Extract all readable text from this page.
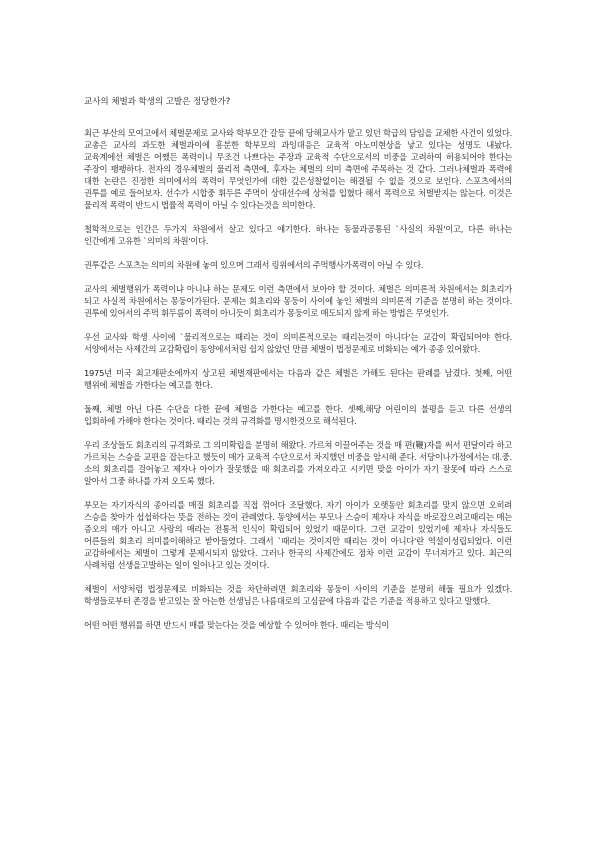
교사의 체벌과 학생의 고발은 정당한가?

최근 부산의 모여고에서 체벌문제로 교사와 학부모간 갈등 끝에 당해교사가 맡고 있던 학급의 담임을 교체한 사건이 있었다. 교총은 교사의 과도한 체벌과이에 흥분한 학부모의 과잉대응은 교육적 아노미현상을 낳고 있다는 성명도 내놨다. 교육계에선 체벌은 어쨌든 폭력이니 무조건 나쁘다는 주장과 교육적 수단으로서의 비중을 고려하여 허용되어야 한다는 주장이 팽팽하다. 전자의 경우체벌의 물리적 측면에, 후자는 체벌의 의미 측면에 주목하는 것 같다. 그러나체벌과 폭력에 대한 논란은 진정한 의미에서의 폭력이 무엇인가에 대한 깊은성찰없이는 해결될 수 없을 것으로 보인다. 스포츠에서의 권투를 예로 들어보자. 선수가 시합중 휘두른 주먹이 상대선수에 상처를 입혔다 해서 폭력으로 처벌받지는 않는다. 이것은 물리적 폭력이 반드시 법률적 폭력이 아닐 수 있다는것을 의미한다.

철학적으로는 인간은 두가지 차원에서 살고 있다고 얘기한다. 하나는 동물과공통된 `사실의 차원'이고, 다른 하나는 인간에게 고유한 `의미의 차원'이다.

권투같은 스포츠는 의미의 차원에 놓여 있으며 그래서 링위에서의 주먹행사가폭력이 아닐 수 있다.

교사의 체벌행위가 폭력이냐 아니냐 하는 문제도 이런 측면에서 보아야 할 것이다. 체벌은 의미론적 차원에서는 회초리가 되고 사실적 차원에서는 몽둥이가된다. 문제는 회초리와 몽둥이 사이에 놓인 체벌의 의미론적 기준을 분명히 하는 것이다. 권투에 있어서의 주먹 휘두름이 폭력이 아니듯이 회초리가 몽둥이로 매도되지 않게 하는 방법은 무엇인가.

우선 교사와 학생 사이에 `물리적으로는 때리는 것이 의미론적으로는 때리는것이 아니다'는 교감이 확립되어야 한다. 서양에서는 사제간의 교감확립이 동양에서처럼 쉽지 않았던 만큼 체벌이 법정문제로 비화되는 예가 종종 있어왔다.

1975년 미국 최고재판소에까지 상고된 체벌재판에서는 다음과 같은 체벌은 가해도 된다는 판례를 남겼다. 첫째, 어떤 행위에 체벌을 가한다는 예고를 한다.

둘째, 체벌 아닌 다른 수단을 다한 끝에 체벌을 가한다는 예고를 한다. 셋째,해당 어린이의 불평을 듣고 다른 선생의 입회하에 가해야 한다는 것이다. 때리는 것의 규격화를 명시한것으로 해석된다.

우리 조상들도 회초리의 규격화로 그 의미확립을 분명히 해왔다. 가르쳐 이끌어주는 것을 매 편(鞭)자를 써서 편달이라 하고 가르치는 스승을 교편을 잡는다고 했듯이 매가 교육적 수단으로서 차지했던 비중을 암시해 준다. 서당이나가정에서는 대.중.소의 회초리를 걸어놓고 제자나 아이가 잘못했을 때 회초리를 가져오라고 시키면 맞을 아이가 자기 잘못에 따라 스스로 알아서 그중 하나를 가져 오도록 했다.

부모는 자기자식의 종아리를 매질 회초리를 직접 꺾어다 조달했다. 자기 아이가 오랫동안 회초리를 맞지 않으면 오히려 스승을 찾아가 섭섭하다는 뜻을 전하는 것이 관례였다. 동양에서는 부모나 스승이 제자나 자식을 바로잡으려고때리는 매는 증오의 매가 아니고 사랑의 매라는 전통적 인식이 확립되어 있었기 때문이다. 그런 교감이 있었기에 제자나 자식들도 어른들의 회초리 의미를이해하고 받아들였다. 그래서 `때리는 것이지만 때리는 것이 아니다'란 역설이성립되었다. 이런 교감하에서는 체벌이 그렇게 문제시되지 않았다. 그러나 한국의 사제간에도 점차 이런 교감이 무너져가고 있다. 최근의 사례처럼 선생을고발하는 일이 일어나고 있는 것이다.

체벌이 서양처럼 법정문제로 비화되는 것을 차단하려면 회초리와 몽둥이 사이의 기준을 분명히 해둘 필요가 있겠다. 학생들로부터 존경을 받고있는 잘 아는한 선생님은 나름대로의 고심끝에 다음과 같은 기준을 적용하고 있다고 말했다.

어떤 어떤 행위를 하면 반드시 매를 맞는다는 것을 예상할 수 있어야 한다. 때리는 방식이
